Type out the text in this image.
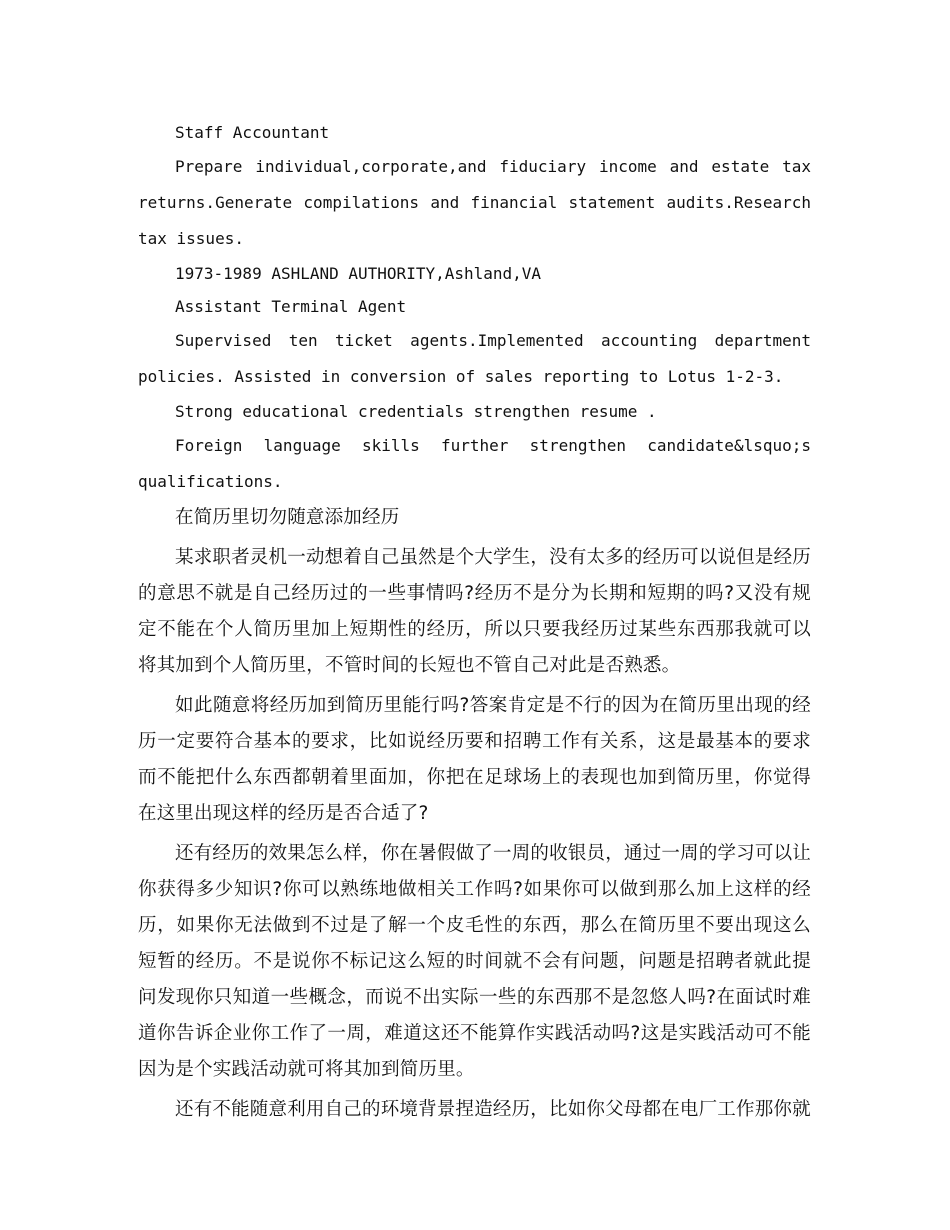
Staff Accountant

Prepare individual,corporate,and fiduciary income and estate tax returns.Generate compilations and financial statement audits.Research tax issues.

1973-1989 ASHLAND AUTHORITY,Ashland,VA

Assistant Terminal Agent

Supervised ten ticket agents.Implemented accounting department policies. Assisted in conversion of sales reporting to Lotus 1-2-3.

Strong educational credentials strengthen resume .

Foreign language skills further strengthen candidate&lsquo;s qualifications.

在简历里切勿随意添加经历

某求职者灵机一动想着自己虽然是个大学生，没有太多的经历可以说但是经历的意思不就是自己经历过的一些事情吗?经历不是分为长期和短期的吗?又没有规定不能在个人简历里加上短期性的经历，所以只要我经历过某些东西那我就可以将其加到个人简历里，不管时间的长短也不管自己对此是否熟悉。

如此随意将经历加到简历里能行吗?答案肯定是不行的因为在简历里出现的经历一定要符合基本的要求，比如说经历要和招聘工作有关系，这是最基本的要求而不能把什么东西都朝着里面加，你把在足球场上的表现也加到简历里，你觉得在这里出现这样的经历是否合适了?

还有经历的效果怎么样，你在暑假做了一周的收银员，通过一周的学习可以让你获得多少知识?你可以熟练地做相关工作吗?如果你可以做到那么加上这样的经历，如果你无法做到不过是了解一个皮毛性的东西，那么在简历里不要出现这么短暂的经历。不是说你不标记这么短的时间就不会有问题，问题是招聘者就此提问发现你只知道一些概念，而说不出实际一些的东西那不是忽悠人吗?在面试时难道你告诉企业你工作了一周，难道这还不能算作实践活动吗?这是实践活动可不能因为是个实践活动就可将其加到简历里。

还有不能随意利用自己的环境背景捏造经历，比如你父母都在电厂工作那你就
